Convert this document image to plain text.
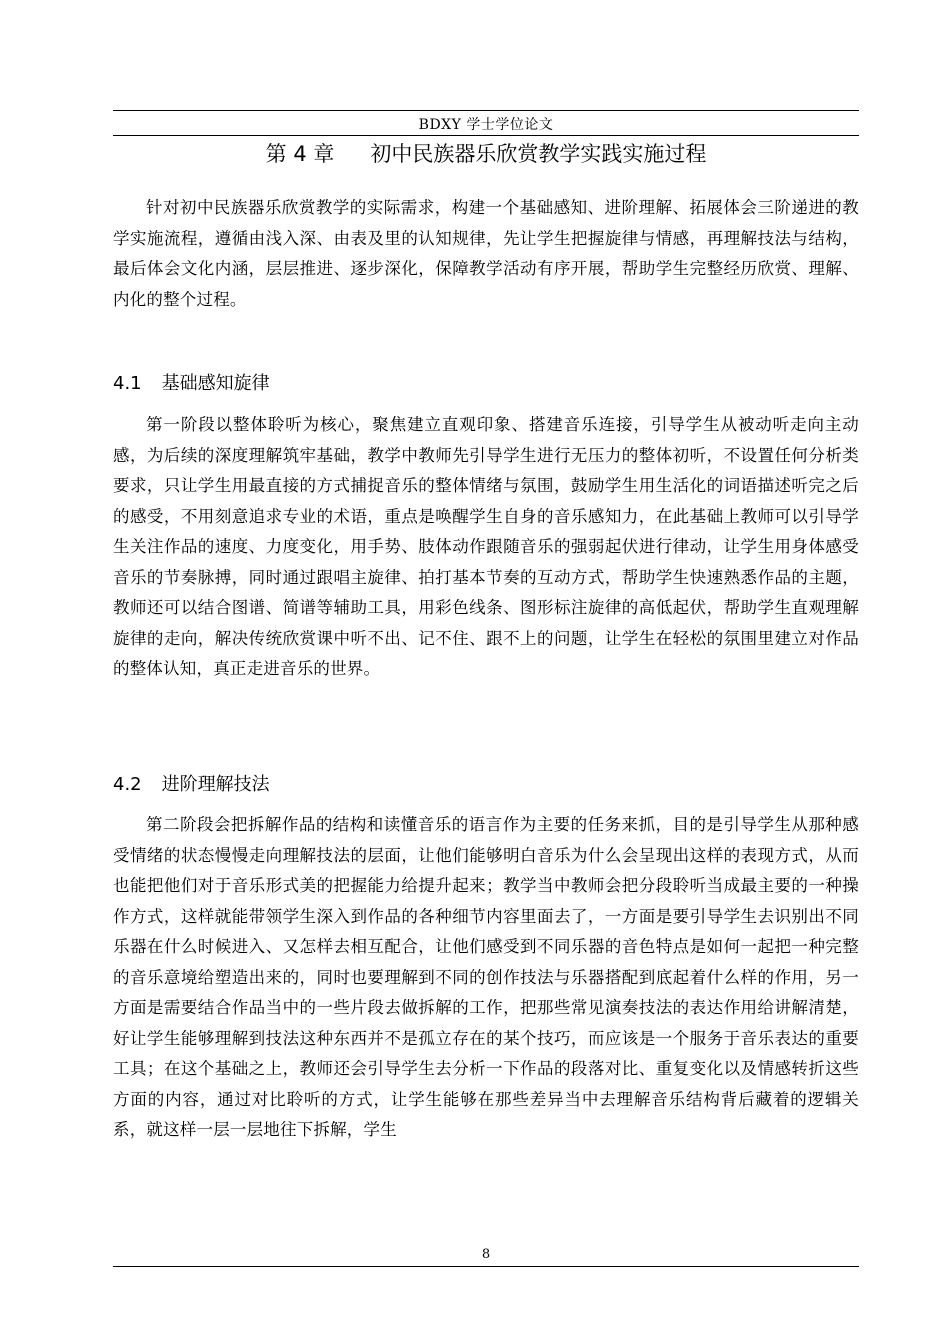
BDXY 学士学位论文
第 4 章 初中民族器乐欣赏教学实践实施过程

针对初中民族器乐欣赏教学的实际需求，构建一个基础感知、进阶理解、拓展体会三阶递进的教学实施流程，遵循由浅入深、由表及里的认知规律，先让学生把握旋律与情感，再理解技法与结构，最后体会文化内涵，层层推进、逐步深化，保障教学活动有序开展，帮助学生完整经历欣赏、理解、内化的整个过程。

4.1 基础感知旋律

第一阶段以整体聆听为核心，聚焦建立直观印象、搭建音乐连接，引导学生从被动听走向主动感，为后续的深度理解筑牢基础，教学中教师先引导学生进行无压力的整体初听，不设置任何分析类要求，只让学生用最直接的方式捕捉音乐的整体情绪与氛围，鼓励学生用生活化的词语描述听完之后的感受，不用刻意追求专业的术语，重点是唤醒学生自身的音乐感知力，在此基础上教师可以引导学生关注作品的速度、力度变化，用手势、肢体动作跟随音乐的强弱起伏进行律动，让学生用身体感受音乐的节奏脉搏，同时通过跟唱主旋律、拍打基本节奏的互动方式，帮助学生快速熟悉作品的主题，教师还可以结合图谱、简谱等辅助工具，用彩色线条、图形标注旋律的高低起伏，帮助学生直观理解旋律的走向，解决传统欣赏课中听不出、记不住、跟不上的问题，让学生在轻松的氛围里建立对作品的整体认知，真正走进音乐的世界。

4.2 进阶理解技法

第二阶段会把拆解作品的结构和读懂音乐的语言作为主要的任务来抓，目的是引导学生从那种感受情绪的状态慢慢走向理解技法的层面，让他们能够明白音乐为什么会呈现出这样的表现方式，从而也能把他们对于音乐形式美的把握能力给提升起来；教学当中教师会把分段聆听当成最主要的一种操作方式，这样就能带领学生深入到作品的各种细节内容里面去了，一方面是要引导学生去识别出不同乐器在什么时候进入、又怎样去相互配合，让他们感受到不同乐器的音色特点是如何一起把一种完整的音乐意境给塑造出来的，同时也要理解到不同的创作技法与乐器搭配到底起着什么样的作用，另一方面是需要结合作品当中的一些片段去做拆解的工作，把那些常见演奏技法的表达作用给讲解清楚，好让学生能够理解到技法这种东西并不是孤立存在的某个技巧，而应该是一个服务于音乐表达的重要工具；在这个基础之上，教师还会引导学生去分析一下作品的段落对比、重复变化以及情感转折这些方面的内容，通过对比聆听的方式，让学生能够在那些差异当中去理解音乐结构背后藏着的逻辑关系，就这样一层一层地往下拆解，学生

8
